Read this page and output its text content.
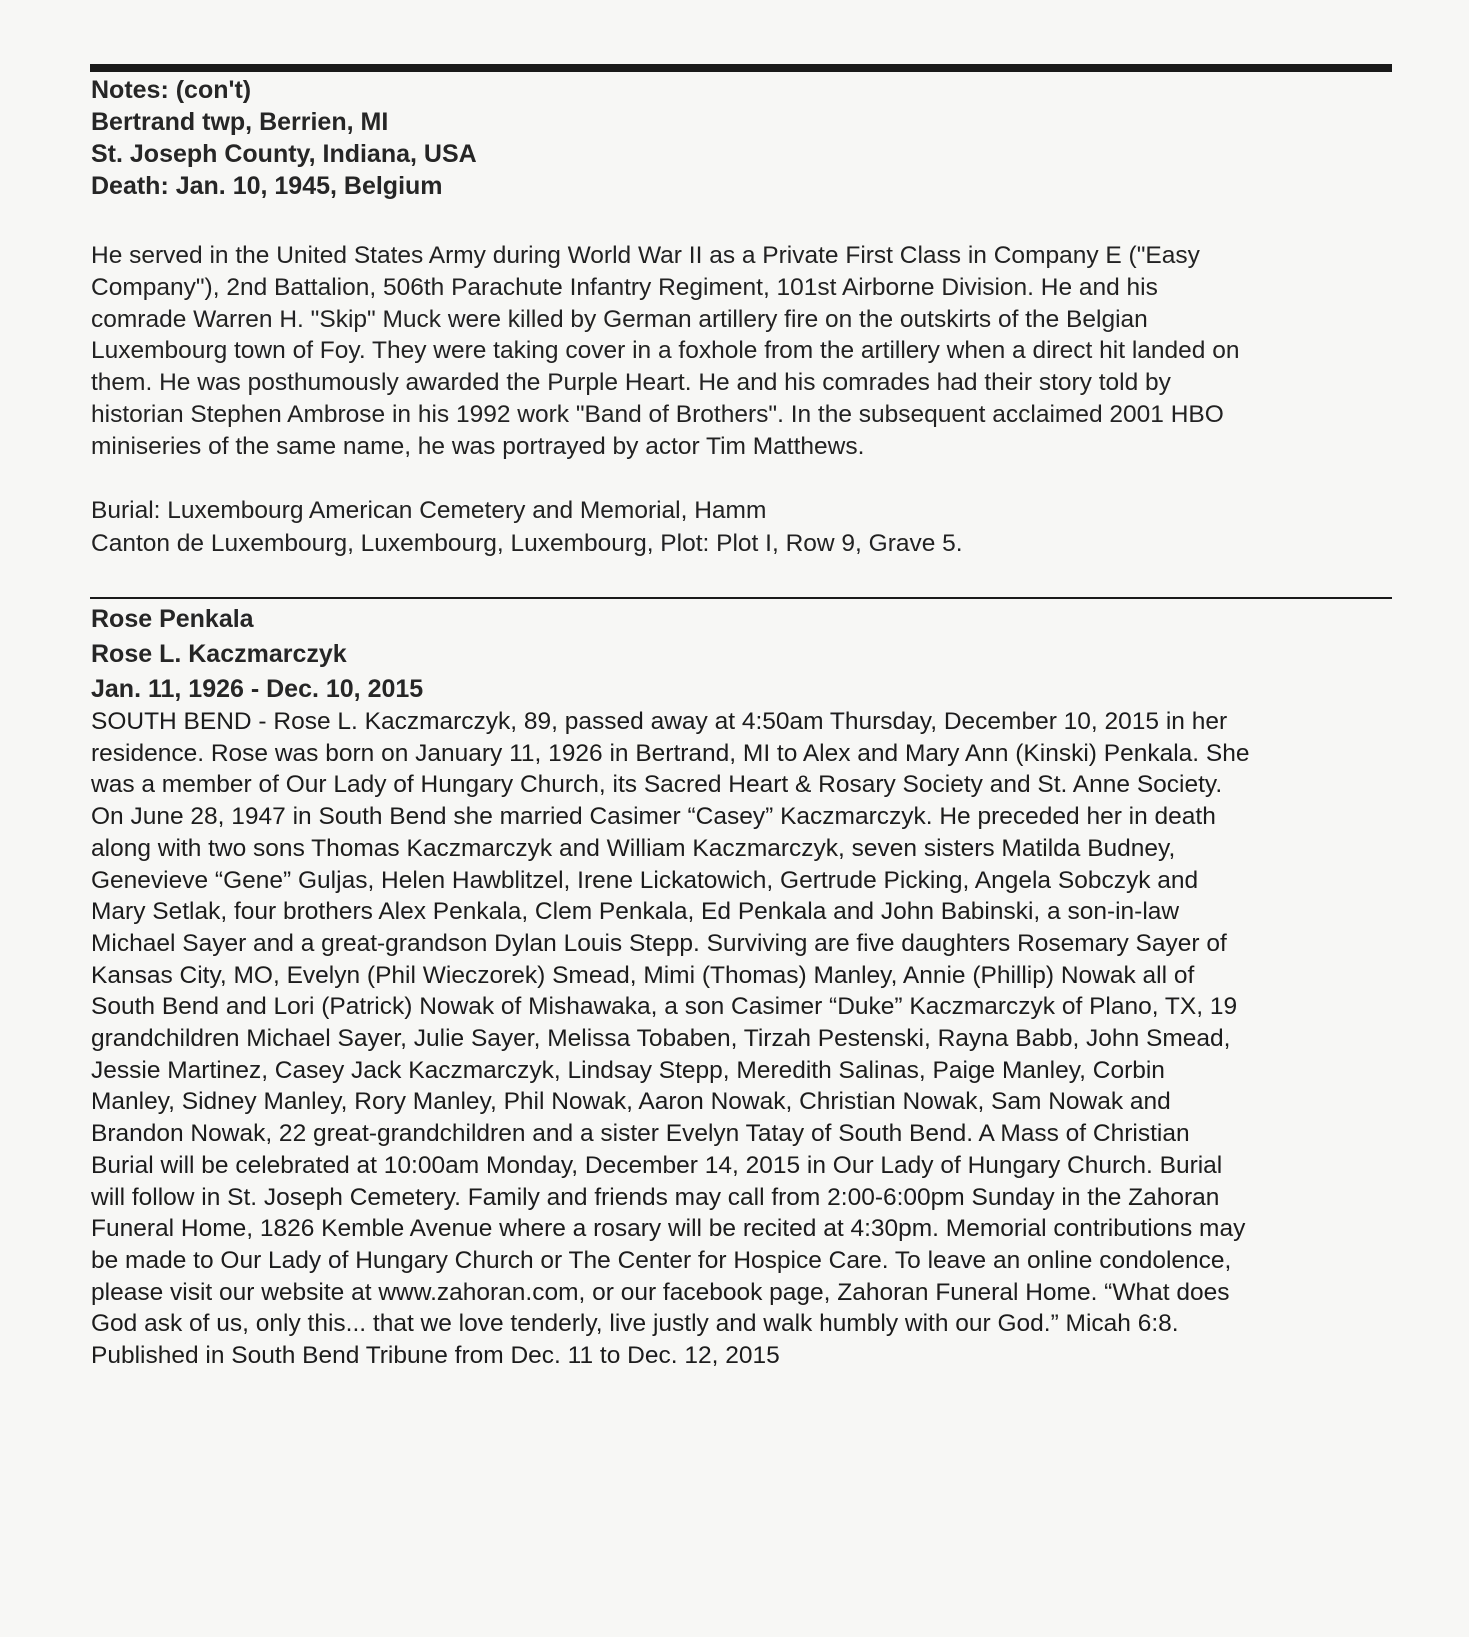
Notes: (con't)
Bertrand twp, Berrien, MI
St. Joseph County, Indiana, USA
Death: Jan. 10, 1945, Belgium
He served in the United States Army during World War II as a Private First Class in Company E ("Easy
Company"), 2nd Battalion, 506th Parachute Infantry Regiment, 101st Airborne Division. He and his
comrade Warren H. "Skip" Muck were killed by German artillery fire on the outskirts of the Belgian
Luxembourg town of Foy. They were taking cover in a foxhole from the artillery when a direct hit landed on
them. He was posthumously awarded the Purple Heart. He and his comrades had their story told by
historian Stephen Ambrose in his 1992 work "Band of Brothers". In the subsequent acclaimed 2001 HBO
miniseries of the same name, he was portrayed by actor Tim Matthews.
Burial: Luxembourg American Cemetery and Memorial, Hamm
Canton de Luxembourg, Luxembourg, Luxembourg, Plot: Plot I, Row 9, Grave 5.
Rose Penkala
Rose L. Kaczmarczyk
Jan. 11, 1926 - Dec. 10, 2015
SOUTH BEND - Rose L. Kaczmarczyk, 89, passed away at 4:50am Thursday, December 10, 2015 in her
residence. Rose was born on January 11, 1926 in Bertrand, MI to Alex and Mary Ann (Kinski) Penkala. She
was a member of Our Lady of Hungary Church, its Sacred Heart & Rosary Society and St. Anne Society.
On June 28, 1947 in South Bend she married Casimer “Casey” Kaczmarczyk. He preceded her in death
along with two sons Thomas Kaczmarczyk and William Kaczmarczyk, seven sisters Matilda Budney,
Genevieve “Gene” Guljas, Helen Hawblitzel, Irene Lickatowich, Gertrude Picking, Angela Sobczyk and
Mary Setlak, four brothers Alex Penkala, Clem Penkala, Ed Penkala and John Babinski, a son-in-law
Michael Sayer and a great-grandson Dylan Louis Stepp. Surviving are five daughters Rosemary Sayer of
Kansas City, MO, Evelyn (Phil Wieczorek) Smead, Mimi (Thomas) Manley, Annie (Phillip) Nowak all of
South Bend and Lori (Patrick) Nowak of Mishawaka, a son Casimer “Duke” Kaczmarczyk of Plano, TX, 19
grandchildren Michael Sayer, Julie Sayer, Melissa Tobaben, Tirzah Pestenski, Rayna Babb, John Smead,
Jessie Martinez, Casey Jack Kaczmarczyk, Lindsay Stepp, Meredith Salinas, Paige Manley, Corbin
Manley, Sidney Manley, Rory Manley, Phil Nowak, Aaron Nowak, Christian Nowak, Sam Nowak and
Brandon Nowak, 22 great-grandchildren and a sister Evelyn Tatay of South Bend. A Mass of Christian
Burial will be celebrated at 10:00am Monday, December 14, 2015 in Our Lady of Hungary Church. Burial
will follow in St. Joseph Cemetery. Family and friends may call from 2:00-6:00pm Sunday in the Zahoran
Funeral Home, 1826 Kemble Avenue where a rosary will be recited at 4:30pm. Memorial contributions may
be made to Our Lady of Hungary Church or The Center for Hospice Care. To leave an online condolence,
please visit our website at www.zahoran.com, or our facebook page, Zahoran Funeral Home. “What does
God ask of us, only this... that we love tenderly, live justly and walk humbly with our God.” Micah 6:8.
Published in South Bend Tribune from Dec. 11 to Dec. 12, 2015
